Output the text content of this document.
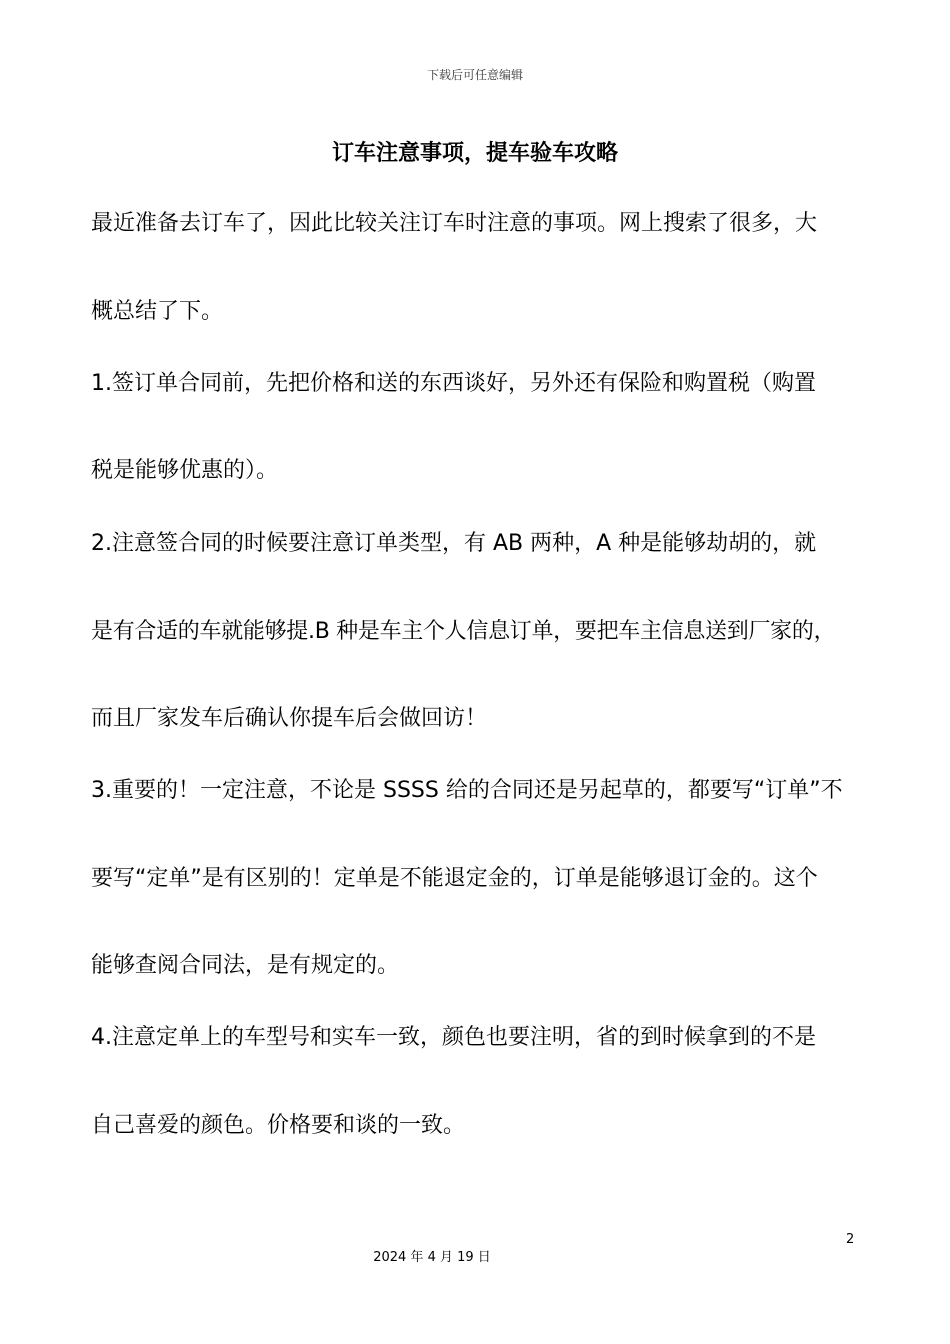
下载后可任意编辑
订车注意事项，提车验车攻略
最近准备去订车了，因此比较关注订车时注意的事项。网上搜索了很多，大
概总结了下。
1.签订单合同前，先把价格和送的东西谈好，另外还有保险和购置税（购置
税是能够优惠的）。
2.注意签合同的时候要注意订单类型，有 AB 两种，A 种是能够劫胡的，就
是有合适的车就能够提.B 种是车主个人信息订单，要把车主信息送到厂家的，
而且厂家发车后确认你提车后会做回访！
3.重要的！一定注意，不论是 SSSS 给的合同还是另起草的，都要写“订单”不
要写“定单”是有区别的！定单是不能退定金的，订单是能够退订金的。这个
能够查阅合同法，是有规定的。
4.注意定单上的车型号和实车一致，颜色也要注明，省的到时候拿到的不是
自己喜爱的颜色。价格要和谈的一致。
2
2024 年 4 月 19 日
